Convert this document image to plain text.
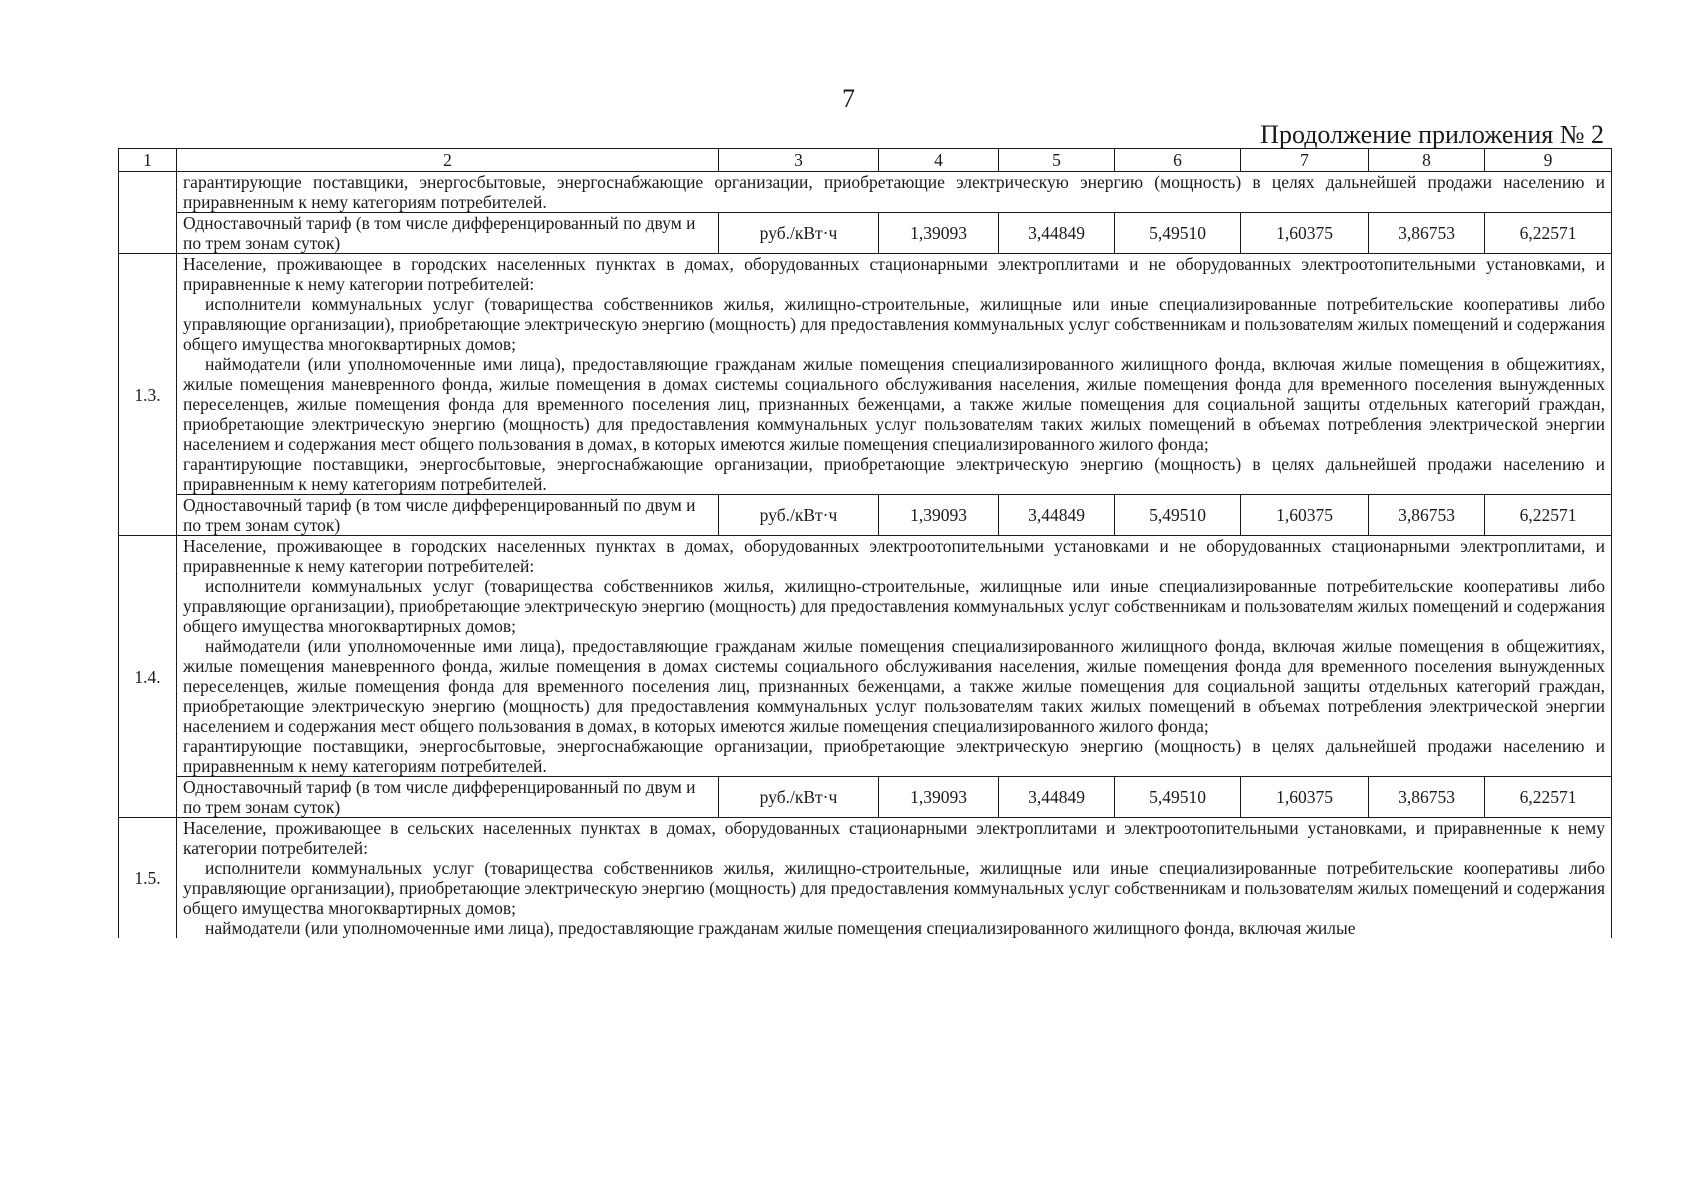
7
Продолжение приложения № 2
1	2	3	4	5	6	7	8	9

	гарантирующие поставщики, энергосбытовые, энергоснабжающие организации, приобретающие электрическую энергию (мощность) в целях дальнейшей продажи населению и приравненным к нему категориям потребителей.							

	Одноставочный тариф (в том числе дифференцированный по двум и по трем зонам суток)	руб./кВт·ч	1,39093	3,44849	5,49510	1,60375	3,86753	6,22571
1.3.	Население, проживающее в городских населенных пунктах в домах, оборудованных стационарными электроплитами и не оборудованных электроотопительными установками, и приравненные к нему категории потребителей:

исполнители коммунальных услуг (товарищества собственников жилья, жилищно-строительные, жилищные или иные специализированные потребительские кооперативы либо управляющие организации), приобретающие электрическую энергию (мощность) для предоставления коммунальных услуг собственникам и пользователям жилых помещений и содержания общего имущества многоквартирных домов;

наймодатели (или уполномоченные ими лица), предоставляющие гражданам жилые помещения специализированного жилищного фонда, включая жилые помещения в общежитиях, жилые помещения маневренного фонда, жилые помещения в домах системы социального обслуживания населения, жилые помещения фонда для временного поселения вынужденных переселенцев, жилые помещения фонда для временного поселения лиц, признанных беженцами, а также жилые помещения для социальной защиты отдельных категорий граждан, приобретающие электрическую энергию (мощность) для предоставления коммунальных услуг пользователям таких жилых помещений в объемах потребления электрической энергии населением и содержания мест общего пользования в домах, в которых имеются жилые помещения специализированного жилого фонда;

гарантирующие поставщики, энергосбытовые, энергоснабжающие организации, приобретающие электрическую энергию (мощность) в целях дальнейшей продажи населению и приравненным к нему категориям потребителей.							

	Одноставочный тариф (в том числе дифференцированный по двум и по трем зонам суток)	руб./кВт·ч	1,39093	3,44849	5,49510	1,60375	3,86753	6,22571
1.4.	Население, проживающее в городских населенных пунктах в домах, оборудованных электроотопительными установками и не оборудованных стационарными электроплитами, и приравненные к нему категории потребителей:

исполнители коммунальных услуг (товарищества собственников жилья, жилищно-строительные, жилищные или иные специализированные потребительские кооперативы либо управляющие организации), приобретающие электрическую энергию (мощность) для предоставления коммунальных услуг собственникам и пользователям жилых помещений и содержания общего имущества многоквартирных домов;

наймодатели (или уполномоченные ими лица), предоставляющие гражданам жилые помещения специализированного жилищного фонда, включая жилые помещения в общежитиях, жилые помещения маневренного фонда, жилые помещения в домах системы социального обслуживания населения, жилые помещения фонда для временного поселения вынужденных переселенцев, жилые помещения фонда для временного поселения лиц, признанных беженцами, а также жилые помещения для социальной защиты отдельных категорий граждан, приобретающие электрическую энергию (мощность) для предоставления коммунальных услуг пользователям таких жилых помещений в объемах потребления электрической энергии населением и содержания мест общего пользования в домах, в которых имеются жилые помещения специализированного жилого фонда;

гарантирующие поставщики, энергосбытовые, энергоснабжающие организации, приобретающие электрическую энергию (мощность) в целях дальнейшей продажи населению и приравненным к нему категориям потребителей.							

	Одноставочный тариф (в том числе дифференцированный по двум и по трем зонам суток)	руб./кВт·ч	1,39093	3,44849	5,49510	1,60375	3,86753	6,22571
1.5.	Население, проживающее в сельских населенных пунктах в домах, оборудованных стационарными электроплитами и электроотопительными установками, и приравненные к нему категории потребителей:

исполнители коммунальных услуг (товарищества собственников жилья, жилищно-строительные, жилищные или иные специализированные потребительские кооперативы либо управляющие организации), приобретающие электрическую энергию (мощность) для предоставления коммунальных услуг собственникам и пользователям жилых помещений и содержания общего имущества многоквартирных домов;

наймодатели (или уполномоченные ими лица), предоставляющие гражданам жилые помещения специализированного жилищного фонда, включая жилые							
